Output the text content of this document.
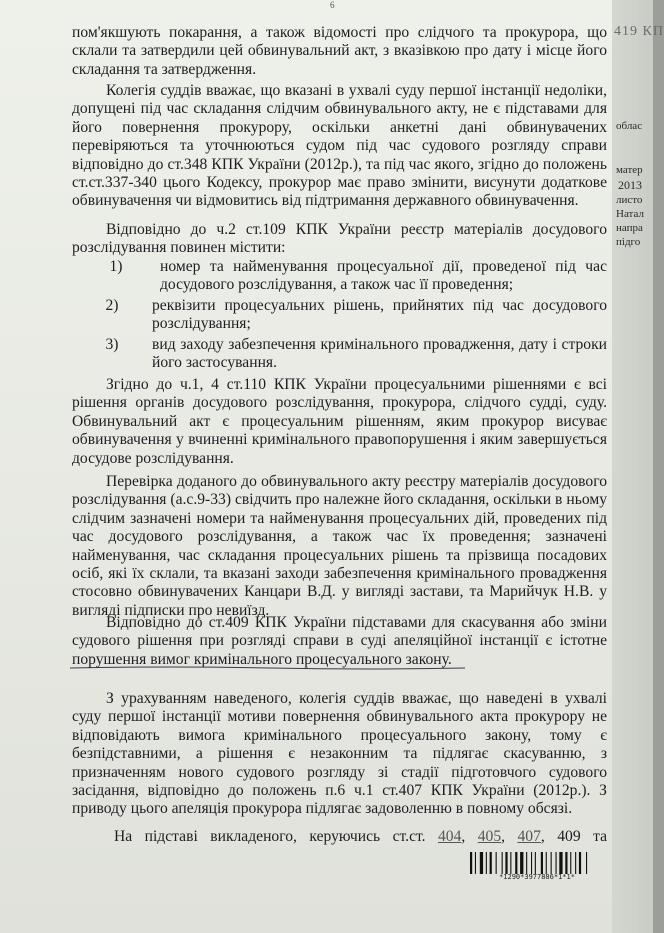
6

пом'якшують покарання, а також відомості про слідчого та прокурора, що склали та затвердили цей обвинувальний акт, з вказівкою про дату і місце його складання та затвердження.

Колегія суддів вважає, що вказані в ухвалі суду першої інстанції недоліки, допущені під час складання слідчим обвинувального акту, не є підставами для його повернення прокурору, оскільки анкетні дані обвинувачених перевіряються та уточнюються судом під час судового розгляду справи відповідно до ст.348 КПК України (2012р.), та під час якого, згідно до положень ст.ст.337-340 цього Кодексу, прокурор має право змінити, висунути додаткове обвинувачення чи відмовитись від підтримання державного обвинувачення.

Відповідно до ч.2 ст.109 КПК України реєстр матеріалів досудового розслідування повинен містити:

1)	номер та найменування процесуальної дії, проведеної під час досудового розслідування, а також час її проведення;
2)	реквізити процесуальних рішень, прийнятих під час досудового розслідування;
3)	вид заходу забезпечення кримінального провадження, дату і строки його застосування.

Згідно до ч.1, 4 ст.110 КПК України процесуальними рішеннями є всі рішення органів досудового розслідування, прокурора, слідчого судді, суду. Обвинувальний акт є процесуальним рішенням, яким прокурор висуває обвинувачення у вчиненні кримінального правопорушення і яким завершується досудове розслідування.

Перевірка доданого до обвинувального акту реєстру матеріалів досудового розслідування (а.с.9-33) свідчить про належне його складання, оскільки в ньому слідчим зазначені номери та найменування процесуальних дій, проведених під час досудового розслідування, а також час їх проведення; зазначені найменування, час складання процесуальних рішень та прізвища посадових осіб, які їх склали, та вказані заходи забезпечення кримінального провадження стосовно обвинувачених Канцари В.Д. у вигляді застави, та Марийчук Н.В. у вигляді підписки про невиїзд.

Відповідно до ст.409 КПК України підставами для скасування або зміни судового рішення при розгляді справи в суді апеляційної інстанції є істотне порушення вимог кримінального процесуального закону.

З урахуванням наведеного, колегія суддів вважає, що наведені в ухвалі суду першої інстанції мотиви повернення обвинувального акта прокурору не відповідають вимога кримінального процесуального закону, тому є безпідставними, а рішення є незаконним та підлягає скасуванню, з призначенням нового судового розгляду зі стадії підготовчого судового засідання, відповідно до положень п.6 ч.1 ст.407 КПК України (2012р.). З приводу цього апеляція прокурора підлягає задоволенню в повному обсязі.

На підставі викладеного, керуючись ст.ст. 404, 405, 407, 409 та
*1290*3977886*1*1*
419 КП
облас
матер
2013
листо
Натал
напра
підго
